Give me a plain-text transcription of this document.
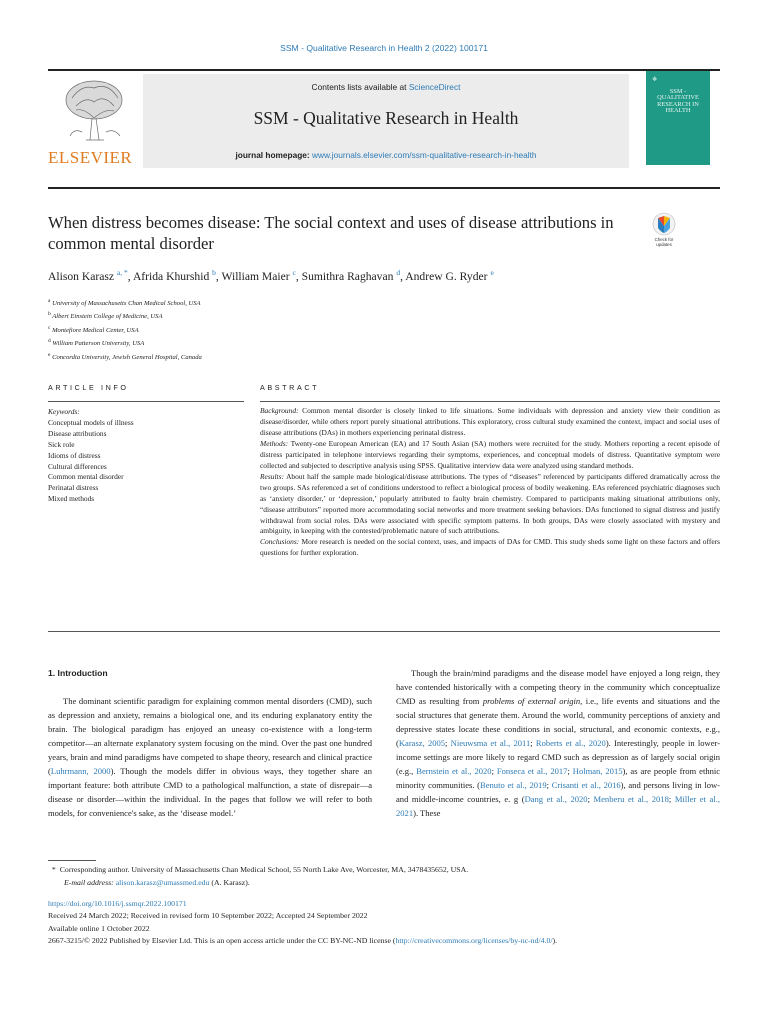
SSM - Qualitative Research in Health 2 (2022) 100171
ELSEVIER
Contents lists available at ScienceDirect
SSM - Qualitative Research in Health
journal homepage: www.journals.elsevier.com/ssm-qualitative-research-in-health
❖
SSM - QUALITATIVE RESEARCH IN HEALTH
When distress becomes disease: The social context and uses of disease attributions in common mental disorder	Check for updates
Alison Karasz $^{a, *}$, Afrida Khurshid $^b$, William Maier $^c$, Sumithra Raghavan $^d$, Andrew G. Ryder $^e$
$^a$ University of Massachusetts Chan Medical School, USA
$^b$ Albert Einstein College of Medicine, USA
$^c$ Montefiore Medical Center, USA
$^d$ William Patterson University, USA
$^e$ Concordia University, Jewish General Hospital, Canada
ARTICLE INFO	ABSTRACT
Keywords:
Conceptual models of illness
Disease attributions
Sick role
Idioms of distress
Cultural differences
Common mental disorder
Perinatal distress
Mixed methods

Background: Common mental disorder is closely linked to life situations. Some individuals with depression and anxiety view their condition as disease/disorder, while others report purely situational attributions. This exploratory, cross cultural study examined the context, impact and social uses of disease attributions (DAs) in mothers experiencing perinatal distress.

Methods: Twenty-one European American (EA) and 17 South Asian (SA) mothers were recruited for the study. Mothers reporting a recent episode of distress participated in telephone interviews regarding their symptoms, experiences, and conceptual models of distress. Quantitative symptom were collected and subjected to descriptive analysis using SPSS. Qualitative interview data were analyzed using standard methods.

Results: About half the sample made biological/disease attributions. The types of “diseases” referenced by participants differed dramatically across the two groups. SAs referenced a set of conditions understood to reflect a biological process of bodily weakening. EAs referenced psychiatric diagnoses such as ‘anxiety disorder,’ or ‘depression,’ popularly attributed to faulty brain chemistry. Compared to participants making situational attributions only, “disease attributors” reported more accommodating social networks and more treatment seeking behaviors. DAs functioned to signal distress and justify withdrawal from social roles. DAs were associated with specific symptom patterns. In both groups, DAs were closely associated with mystery and ambiguity, in keeping with the contested/problematic nature of such attributions.

Conclusions: More research is needed on the social context, uses, and impacts of DAs for CMD. This study sheds some light on these factors and offers questions for further exploration.

1. Introduction

The dominant scientific paradigm for explaining common mental disorders (CMD), such as depression and anxiety, remains a biological one, and its enduring explanatory entity the brain. The biological paradigm has enjoyed an uneasy co-existence with a long-term competitor—an alternate explanatory system focusing on the mind. Over the past one hundred years, brain and mind paradigms have competed to shape theory, research and clinical practice (Luhrmann, 2000). Though the models differ in obvious ways, they together share an important feature: both attribute CMD to a pathological malfunction, a state of disrepair—a disease or disorder—within the individual. In the pages that follow we will refer to both models, for convenience's sake, as the ‘disease model.’

Though the brain/mind paradigms and the disease model have enjoyed a long reign, they have contended historically with a competing theory in the community which conceptualize CMD as resulting from problems of external origin, i.e., life events and situations and the social structures that generate them. Around the world, community perceptions of anxiety and depressive states locate these conditions in social, structural, and economic contexts, e.g., (Karasz, 2005; Nieuwsma et al., 2011; Roberts et al., 2020). Interestingly, people in lower-income settings are more likely to regard CMD such as depression as of largely social origin (e.g., Bernstein et al., 2020; Fonseca et al., 2017; Holman, 2015), as are people from ethnic minority communities. (Benuto et al., 2019; Crisanti et al., 2016), and persons living in low- and middle-income countries, e. g (Dang et al., 2020; Menberu et al., 2018; Miller et al., 2021). These

* Corresponding author. University of Massachusetts Chan Medical School, 55 North Lake Ave, Worcester, MA, 3478435652, USA.
E-mail address: alison.karasz@umassmed.edu (A. Karasz).
https://doi.org/10.1016/j.ssmqr.2022.100171
Received 24 March 2022; Received in revised form 10 September 2022; Accepted 24 September 2022
Available online 1 October 2022
2667-3215/© 2022 Published by Elsevier Ltd. This is an open access article under the CC BY-NC-ND license (http://creativecommons.org/licenses/by-nc-nd/4.0/).
